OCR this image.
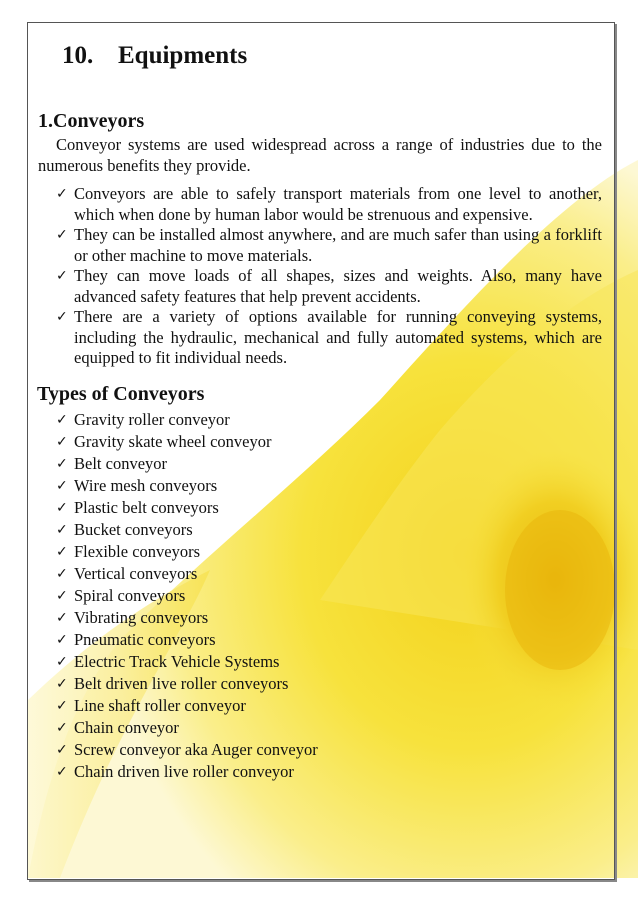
10. Equipments
1.Conveyors

Conveyor systems are used widespread across a range of industries due to the numerous benefits they provide.

✓ Conveyors are able to safely transport materials from one level to another, which when done by human labor would be strenuous and expensive.
✓ They can be installed almost anywhere, and are much safer than using a forklift or other machine to move materials.
✓ They can move loads of all shapes, sizes and weights. Also, many have advanced safety features that help prevent accidents.
✓ There are a variety of options available for running conveying systems, including the hydraulic, mechanical and fully automated systems, which are equipped to fit individual needs.
Types of Conveyors
✓ Gravity roller conveyor
✓ Gravity skate wheel conveyor
✓ Belt conveyor
✓ Wire mesh conveyors
✓ Plastic belt conveyors
✓ Bucket conveyors
✓ Flexible conveyors
✓ Vertical conveyors
✓ Spiral conveyors
✓ Vibrating conveyors
✓ Pneumatic conveyors
✓ Electric Track Vehicle Systems
✓ Belt driven live roller conveyors
✓ Line shaft roller conveyor
✓ Chain conveyor
✓ Screw conveyor aka Auger conveyor
✓ Chain driven live roller conveyor
